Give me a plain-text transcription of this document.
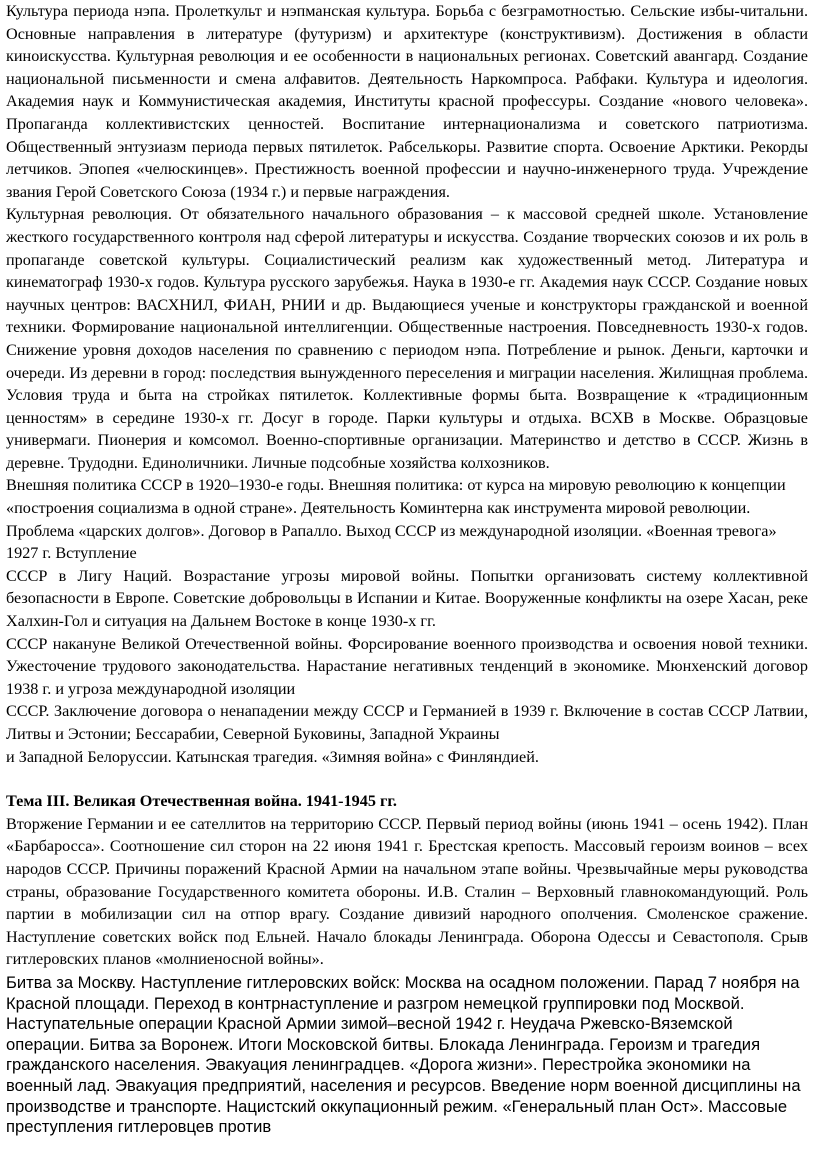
Культура периода нэпа. Пролеткульт и нэпманская культура. Борьба с безграмотностью. Сельские избы-читальни. Основные направления в литературе (футуризм) и архитектуре (конструктивизм). Достижения в области киноискусства. Культурная революция и ее особенности в национальных регионах. Советский авангард. Создание национальной письменности и смена алфавитов. Деятельность Наркомпроса. Рабфаки. Культура и идеология. Академия наук и Коммунистическая академия, Институты красной профессуры. Создание «нового человека». Пропаганда коллективистских ценностей. Воспитание интернационализма и советского патриотизма. Общественный энтузиазм периода первых пятилеток. Рабселькоры. Развитие спорта. Освоение Арктики. Рекорды летчиков. Эпопея «челюскинцев». Престижность военной профессии и научно-инженерного труда. Учреждение звания Герой Советского Союза (1934 г.) и первые награждения.

Культурная революция. От обязательного начального образования – к массовой средней школе. Установление жесткого государственного контроля над сферой литературы и искусства. Создание творческих союзов и их роль в пропаганде советской культуры. Социалистический реализм как художественный метод. Литература и кинематограф 1930-х годов. Культура русского зарубежья. Наука в 1930-е гг. Академия наук СССР. Создание новых научных центров: ВАСХНИЛ, ФИАН, РНИИ и др. Выдающиеся ученые и конструкторы гражданской и военной техники. Формирование национальной интеллигенции. Общественные настроения. Повседневность 1930-х годов. Снижение уровня доходов населения по сравнению с периодом нэпа. Потребление и рынок. Деньги, карточки и очереди. Из деревни в город: последствия вынужденного переселения и миграции населения. Жилищная проблема. Условия труда и быта на стройках пятилеток. Коллективные формы быта. Возвращение к «традиционным ценностям» в середине 1930-х гг. Досуг в городе. Парки культуры и отдыха. ВСХВ в Москве. Образцовые универмаги. Пионерия и комсомол. Военно-спортивные организации. Материнство и детство в СССР. Жизнь в деревне. Трудодни. Единоличники. Личные подсобные хозяйства колхозников.

Внешняя политика СССР в 1920–1930-е годы. Внешняя политика: от курса на мировую революцию к концепции «построения социализма в одной стране». Деятельность Коминтерна как инструмента мировой революции. Проблема «царских долгов». Договор в Рапалло. Выход СССР из международной изоляции. «Военная тревога» 1927 г. Вступление

СССР в Лигу Наций. Возрастание угрозы мировой войны. Попытки организовать систему коллективной безопасности в Европе. Советские добровольцы в Испании и Китае. Вооруженные конфликты на озере Хасан, реке Халхин-Гол и ситуация на Дальнем Востоке в конце 1930-х гг.

СССР накануне Великой Отечественной войны. Форсирование военного производства и освоения новой техники. Ужесточение трудового законодательства. Нарастание негативных тенденций в экономике. Мюнхенский договор 1938 г. и угроза международной изоляции

СССР. Заключение договора о ненападении между СССР и Германией в 1939 г. Включение в состав СССР Латвии, Литвы и Эстонии; Бессарабии, Северной Буковины, Западной Украины

и Западной Белоруссии. Катынская трагедия. «Зимняя война» с Финляндией.

Тема III. Великая Отечественная война. 1941-1945 гг.

Вторжение Германии и ее сателлитов на территорию СССР. Первый период войны (июнь 1941 – осень 1942). План «Барбаросса». Соотношение сил сторон на 22 июня 1941 г. Брестская крепость. Массовый героизм воинов – всех народов СССР. Причины поражений Красной Армии на начальном этапе войны. Чрезвычайные меры руководства страны, образование Государственного комитета обороны. И.В. Сталин – Верховный главнокомандующий. Роль партии в мобилизации сил на отпор врагу. Создание дивизий народного ополчения. Смоленское сражение. Наступление советских войск под Ельней. Начало блокады Ленинграда. Оборона Одессы и Севастополя. Срыв гитлеровских планов «молниеносной войны».

Битва за Москву. Наступление гитлеровских войск: Москва на осадном положении. Парад 7 ноября на Красной площади. Переход в контрнаступление и разгром немецкой группировки под Москвой. Наступательные операции Красной Армии зимой–весной 1942 г. Неудача Ржевско-Вяземской операции. Битва за Воронеж. Итоги Московской битвы. Блокада Ленинграда. Героизм и трагедия гражданского населения. Эвакуация ленинградцев. «Дорога жизни». Перестройка экономики на военный лад. Эвакуация предприятий, населения и ресурсов. Введение норм военной дисциплины на производстве и транспорте. Нацистский оккупационный режим. «Генеральный план Ост». Массовые преступления гитлеровцев против
